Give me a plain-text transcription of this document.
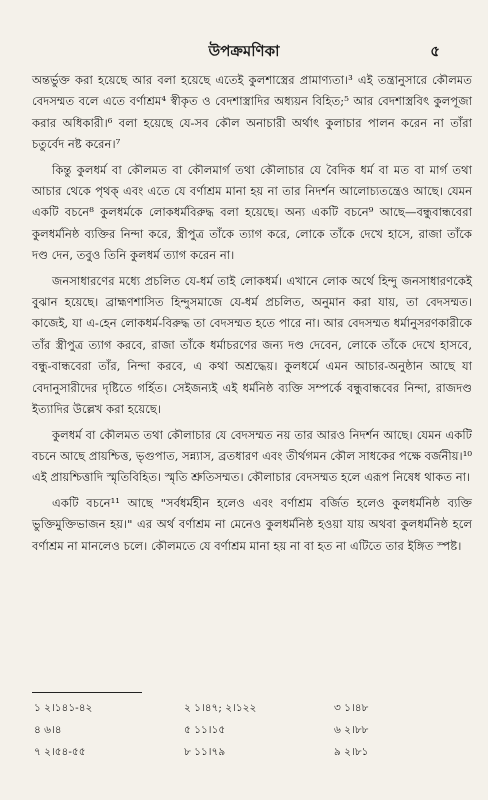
উপক্রমণিকা	৫

অন্তর্ভুক্ত করা হয়েছে আর বলা হয়েছে এতেই কুলশাস্ত্রের প্রামাণ্যতা।³ এই তন্ত্রানুসারে কৌলমত বেদসম্মত বলে এতে বর্ণাশ্রম⁴ স্বীকৃত ও বেদশাস্ত্রাদির অধ্যয়ন বিহিত;⁵ আর বেদশাস্ত্রবিৎ কুলপূজা করার অধিকারী।⁶ বলা হয়েছে যে-সব কৌল অনাচারী অর্থাৎ কুলাচার পালন করেন না তাঁরা চতুর্বেদ নষ্ট করেন।⁷

কিন্তু কুলধর্ম বা কৌলমত বা কৌলমার্গ তথা কৌলাচার যে বৈদিক ধর্ম বা মত বা মার্গ তথা আচার থেকে পৃথক্ এবং এতে যে বর্ণাশ্রম মানা হয় না তার নিদর্শন আলোচ্যতন্ত্রেও আছে। যেমন একটি বচনে⁸ কুলধর্মকে লোকধর্মবিরুদ্ধ বলা হয়েছে। অন্য একটি বচনে⁹ আছে—বন্ধুবান্ধবেরা কুলধর্মনিষ্ঠ ব্যক্তির নিন্দা করে, স্ত্রীপুত্র তাঁকে ত্যাগ করে, লোকে তাঁকে দেখে হাসে, রাজা তাঁকে দণ্ড দেন, তবুও তিনি কুলধর্ম ত্যাগ করেন না।

জনসাধারণের মধ্যে প্রচলিত যে-ধর্ম তাই লোকধর্ম। এখানে লোক অর্থে হিন্দু জনসাধারণকেই বুঝান হয়েছে। ব্রাহ্মণশাসিত হিন্দুসমাজে যে-ধর্ম প্রচলিত, অনুমান করা যায়, তা বেদসম্মত। কাজেই, যা এ-হেন লোকধর্ম-বিরুদ্ধ তা বেদসম্মত হতে পারে না। আর বেদসম্মত ধর্মানুসরণকারীকে তাঁর স্ত্রীপুত্র ত্যাগ করবে, রাজা তাঁকে ধর্মাচরণের জন্য দণ্ড দেবেন, লোকে তাঁকে দেখে হাসবে, বন্ধু-বান্ধবেরা তাঁর, নিন্দা করবে, এ কথা অশ্রদ্ধেয়। কুলধর্মে এমন আচার-অনুষ্ঠান আছে যা বেদানুসারীদের দৃষ্টিতে গর্হিত। সেইজন্যই এই ধর্মনিষ্ঠ ব্যক্তি সম্পর্কে বন্ধুবান্ধবের নিন্দা, রাজদণ্ড ইত্যাদির উল্লেখ করা হয়েছে।

কুলধর্ম বা কৌলমত তথা কৌলাচার যে বেদসম্মত নয় তার আরও নিদর্শন আছে। যেমন একটি বচনে আছে প্রায়শ্চিত্ত, ভৃগুপাত, সন্ন্যাস, ব্রতধারণ এবং তীর্থগমন কৌল সাধকের পক্ষে বর্জনীয়।¹⁰ এই প্রায়শ্চিত্তাদি স্মৃতিবিহিত। স্মৃতি শ্রুতিসম্মত। কৌলাচার বেদসম্মত হলে এরূপ নিষেধ থাকত না।

একটি বচনে¹¹ আছে "সর্বধর্মহীন হলেও এবং বর্ণাশ্রম বর্জিত হলেও কুলধর্মনিষ্ঠ ব্যক্তি ভুক্তিমুক্তিভাজন হয়।" এর অর্থ বর্ণাশ্রম না মেনেও কুলধর্মনিষ্ঠ হওয়া যায় অথবা কুলধর্মনিষ্ঠ হলে বর্ণাশ্রম না মানলেও চলে। কৌলমতে যে বর্ণাশ্রম মানা হয় না বা হত না এটিতে তার ইঙ্গিত স্পষ্ট।

১ ২।১৪১-৪২	২ ১।৪৭; ২।১২২	৩ ১।৪৮
৪ ৬।৪	৫ ১১।১৫	৬ ২।৮৮
৭ ২।৫৪-৫৫	৮ ১১।৭৯	৯ ২।৮১
